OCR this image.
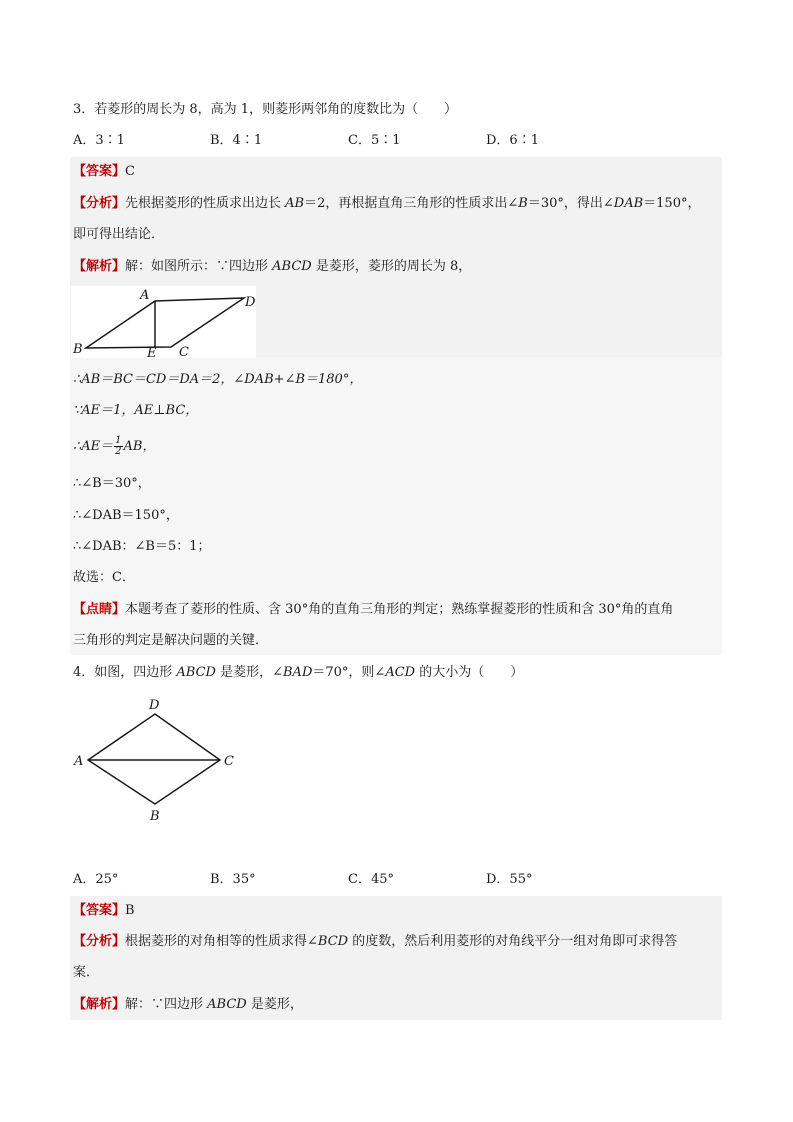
3．若菱形的周长为 8，高为 1，则菱形两邻角的度数比为（　　）
A．3∶1	B．4∶1	C．5∶1	D．6∶1
【答案】C
【分析】先根据菱形的性质求出边长 AB＝2，再根据直角三角形的性质求出∠B＝30°，得出∠DAB＝150°，
即可得出结论．
【解析】解：如图所示：∵四边形 ABCD 是菱形，菱形的周长为 8，
A	D
B	E C
∴AB＝BC＝CD＝DA＝2，∠DAB+∠B＝180°，
∵AE＝1，AE⊥BC，
∴AE＝ $\frac{1}{2}$ AB，
∴∠B＝30°，
∴∠DAB＝150°，
∴∠DAB：∠B＝5：1；
故选：C．
【点睛】本题考查了菱形的性质、含 30°角的直角三角形的判定；熟练掌握菱形的性质和含 30°角的直角
三角形的判定是解决问题的关键．
4．如图，四边形 ABCD 是菱形，∠BAD＝70°，则∠ACD 的大小为（　　）
D
A	C
B
A．25°	B．35°	C．45°	D．55°
【答案】B
【分析】根据菱形的对角相等的性质求得∠BCD 的度数，然后利用菱形的对角线平分一组对角即可求得答
案．
【解析】解：∵四边形 ABCD 是菱形，
